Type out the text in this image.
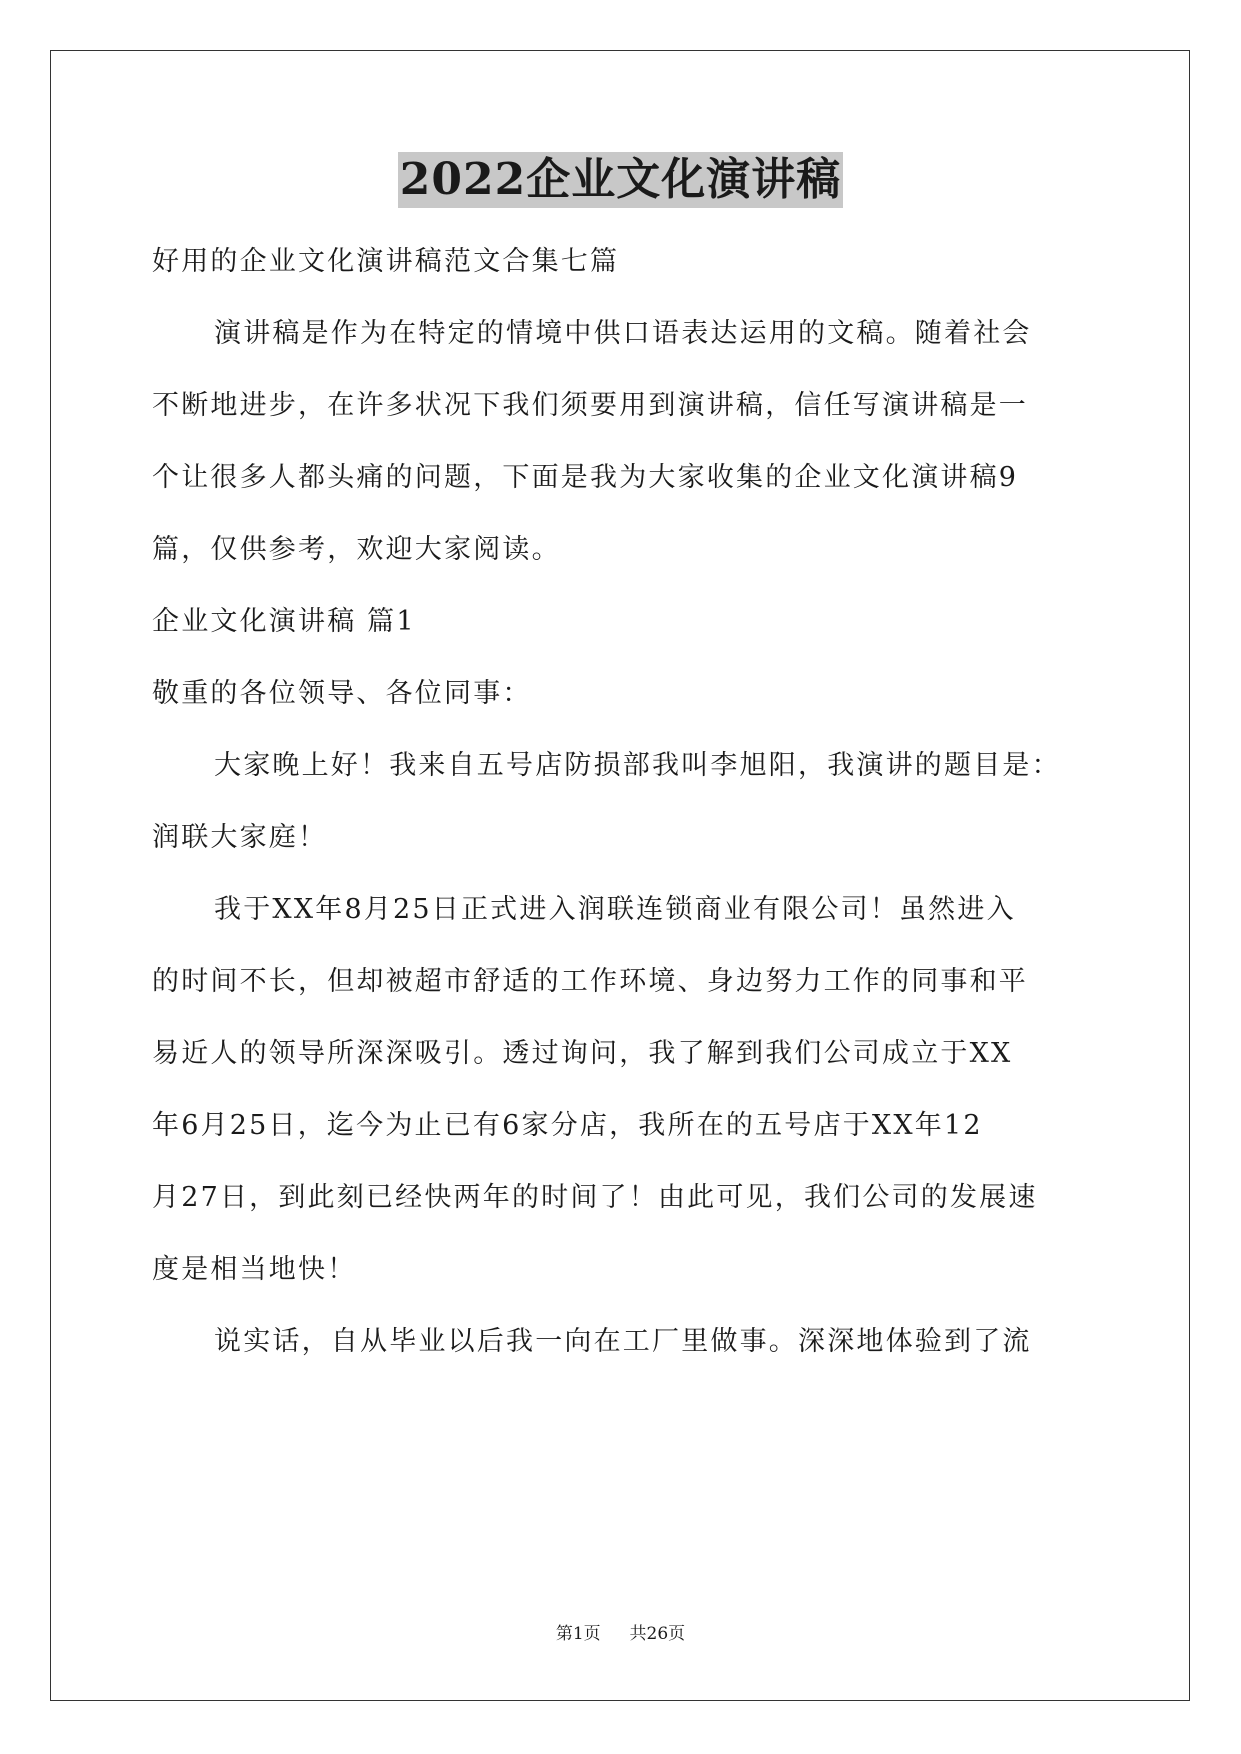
2022企业文化演讲稿
好用的企业文化演讲稿范文合集七篇
演讲稿是作为在特定的情境中供口语表达运用的文稿。随着社会
不断地进步，在许多状况下我们须要用到演讲稿，信任写演讲稿是一
个让很多人都头痛的问题，下面是我为大家收集的企业文化演讲稿9
篇，仅供参考，欢迎大家阅读。
企业文化演讲稿 篇1
敬重的各位领导、各位同事：
大家晚上好！我来自五号店防损部我叫李旭阳，我演讲的题目是：
润联大家庭！
我于XX年8月25日正式进入润联连锁商业有限公司！虽然进入
的时间不长，但却被超市舒适的工作环境、身边努力工作的同事和平
易近人的领导所深深吸引。透过询问，我了解到我们公司成立于XX
年6月25日，迄今为止已有6家分店，我所在的五号店于XX年12
月27日，到此刻已经快两年的时间了！由此可见，我们公司的发展速
度是相当地快！
说实话，自从毕业以后我一向在工厂里做事。深深地体验到了流
第1页 共26页
